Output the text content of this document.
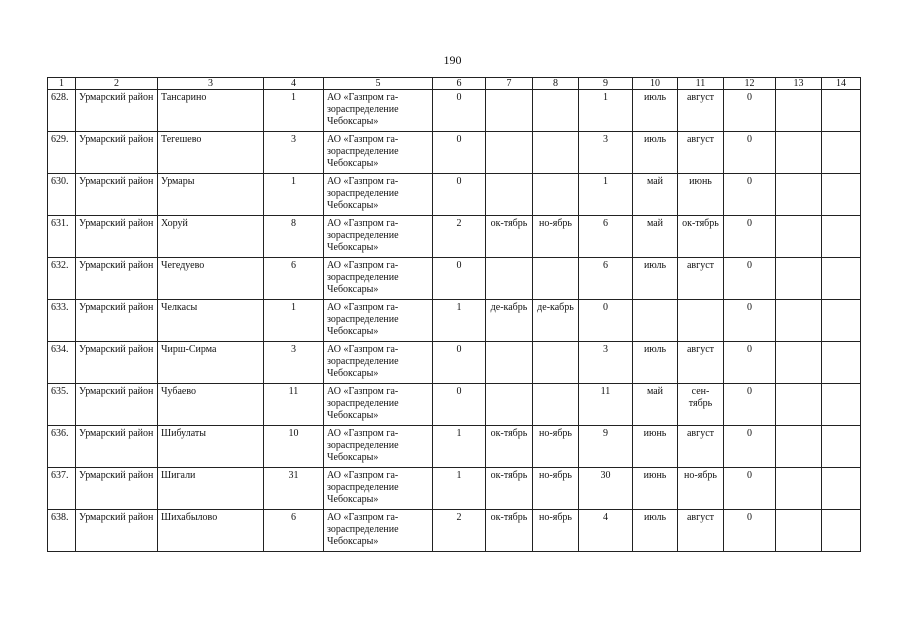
190
1	2	3	4	5	6	7	8	9	10	11	12	13	14
628.	Урмарский район	Тансарино	1	АО «Газпром га-зораспределение Чебоксары»	0			1	июль	август	0		
629.	Урмарский район	Тегешево	3	АО «Газпром га-зораспределение Чебоксары»	0			3	июль	август	0		
630.	Урмарский район	Урмары	1	АО «Газпром га-зораспределение Чебоксары»	0			1	май	июнь	0		
631.	Урмарский район	Хоруй	8	АО «Газпром га-зораспределение Чебоксары»	2	ок-тябрь	но-ябрь	6	май	ок-тябрь	0		
632.	Урмарский район	Чегедуево	6	АО «Газпром га-зораспределение Чебоксары»	0			6	июль	август	0		
633.	Урмарский район	Челкасы	1	АО «Газпром га-зораспределение Чебоксары»	1	де-кабрь	де-кабрь	0			0		
634.	Урмарский район	Чирш-Сирма	3	АО «Газпром га-зораспределение Чебоксары»	0			3	июль	август	0		
635.	Урмарский район	Чубаево	11	АО «Газпром га-зораспределение Чебоксары»	0			11	май	сен-тябрь	0		
636.	Урмарский район	Шибулаты	10	АО «Газпром га-зораспределение Чебоксары»	1	ок-тябрь	но-ябрь	9	июнь	август	0		
637.	Урмарский район	Шигали	31	АО «Газпром га-зораспределение Чебоксары»	1	ок-тябрь	но-ябрь	30	июнь	но-ябрь	0		
638.	Урмарский район	Шихабылово	6	АО «Газпром га-зораспределение Чебоксары»	2	ок-тябрь	но-ябрь	4	июль	август	0		
